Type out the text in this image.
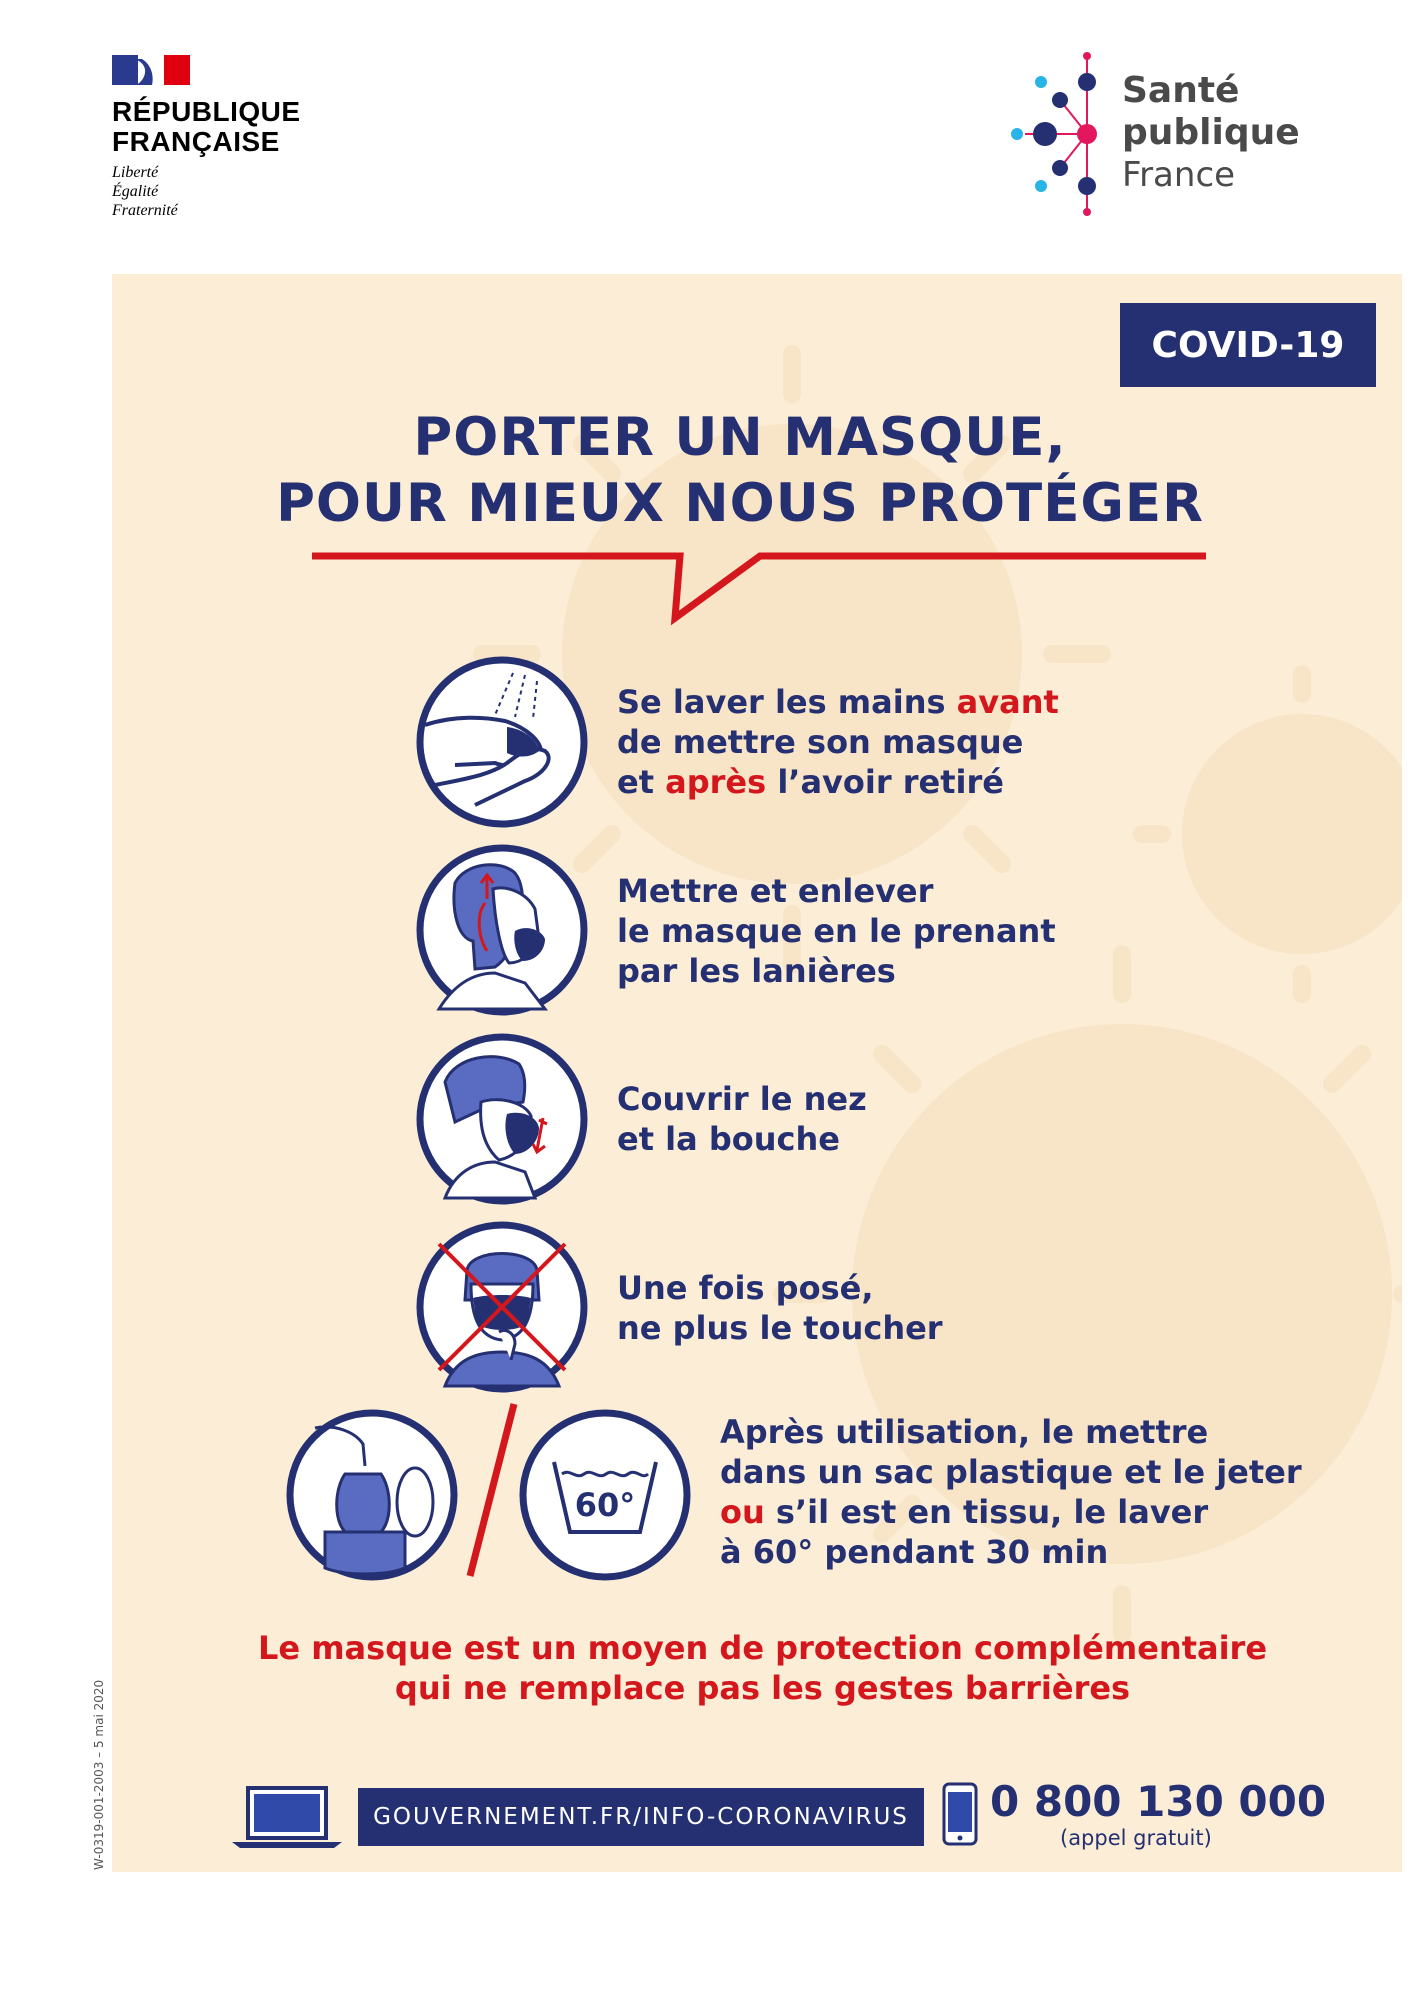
RÉPUBLIQUE
FRANÇAISE
Liberté
Égalité
Fraternité
Santé
publique
France
COVID-19
PORTER UN MASQUE,
POUR MIEUX NOUS PROTÉGER
Se laver les mains avant
de mettre son masque
et après l’avoir retiré
Mettre et enlever
le masque en le prenant
par les lanières
Couvrir le nez
et la bouche
Une fois posé,
ne plus le toucher
60°
Après utilisation, le mettre
dans un sac plastique et le jeter
ou s’il est en tissu, le laver
à 60° pendant 30 min
Le masque est un moyen de protection complémentaire
qui ne remplace pas les gestes barrières
W-0319-001-2003 – 5 mai 2020	GOUVERNEMENT.FR/INFO-CORONAVIRUS	0 800 130 000
(appel gratuit)
